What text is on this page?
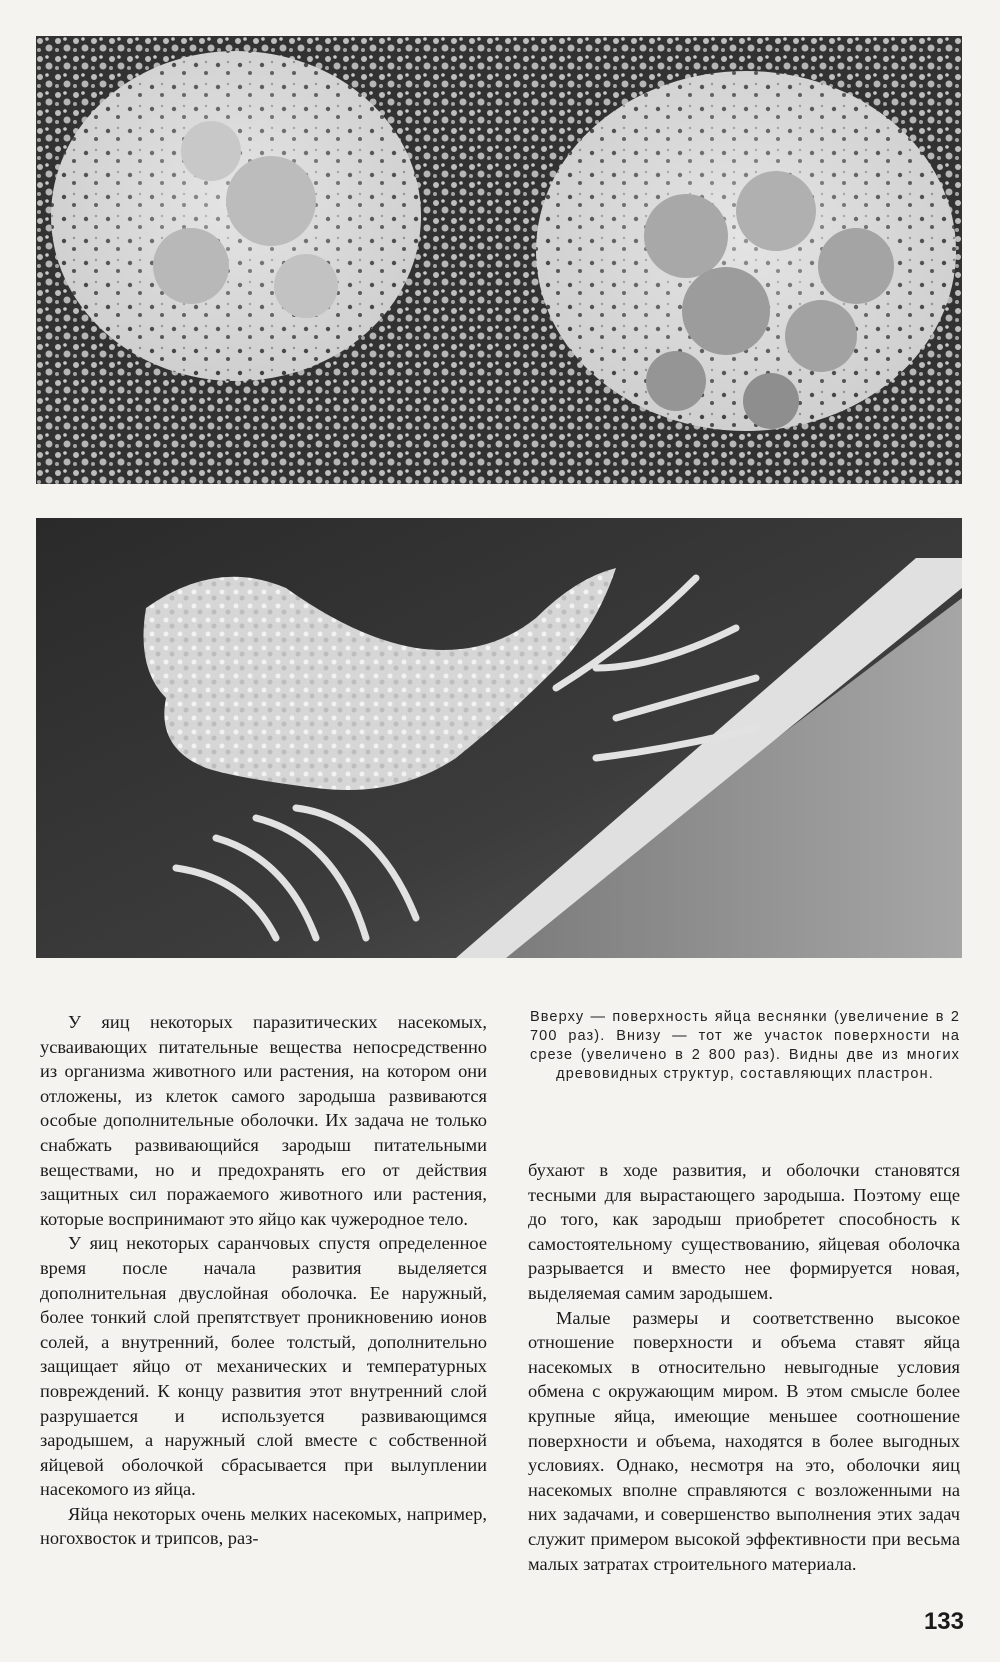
Вверху — поверхность яйца веснянки (увеличение в 2 700 раз). Внизу — тот же участок поверхности на срезе (увеличено в 2 800 раз). Видны две из многих древовидных структур, составляющих пластрон.

У яиц некоторых паразитических насекомых, усваивающих питательные вещества непосредственно из организма животного или растения, на котором они отложены, из клеток самого зародыша развиваются особые дополнительные оболочки. Их задача не только снабжать развивающийся зародыш питательными веществами, но и предохранять его от действия защитных сил поражаемого животного или растения, которые воспринимают это яйцо как чужеродное тело.

У яиц некоторых саранчовых спустя определенное время после начала развития выделяется дополнительная двуслойная оболочка. Ее наружный, более тонкий слой препятствует проникновению ионов солей, а внутренний, более толстый, дополнительно защищает яйцо от механических и температурных повреждений. К концу развития этот внутренний слой разрушается и используется развивающимся зародышем, а наружный слой вместе с собственной яйцевой оболочкой сбрасывается при вылуплении насекомого из яйца.

Яйца некоторых очень мелких насекомых, например, ногохвосток и трипсов, раз-

бухают в ходе развития, и оболочки становятся тесными для вырастающего зародыша. Поэтому еще до того, как зародыш приобретет способность к самостоятельному существованию, яйцевая оболочка разрывается и вместо нее формируется новая, выделяемая самим зародышем.

Малые размеры и соответственно высокое отношение поверхности и объема ставят яйца насекомых в относительно невыгодные условия обмена с окружающим миром. В этом смысле более крупные яйца, имеющие меньшее соотношение поверхности и объема, находятся в более выгодных условиях. Однако, несмотря на это, оболочки яиц насекомых вполне справляются с возложенными на них задачами, и совершенство выполнения этих задач служит примером высокой эффективности при весьма малых затратах строительного материала.

133
